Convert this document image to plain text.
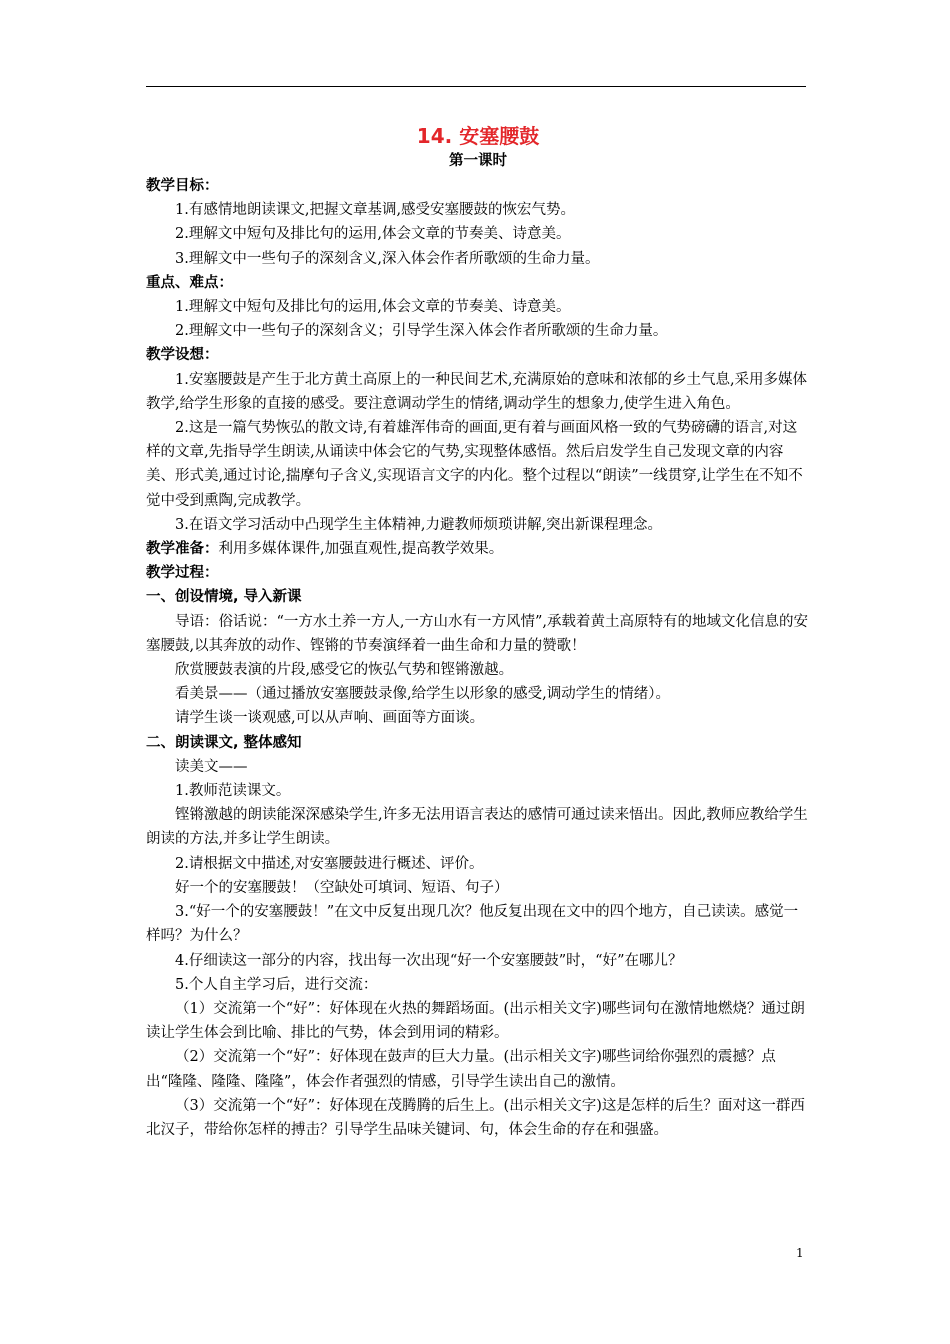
14. 安塞腰鼓
第一课时
教学目标：
1.有感情地朗读课文,把握文章基调,感受安塞腰鼓的恢宏气势。
2.理解文中短句及排比句的运用,体会文章的节奏美、诗意美。
3.理解文中一些句子的深刻含义,深入体会作者所歌颂的生命力量。
重点、难点：
1.理解文中短句及排比句的运用,体会文章的节奏美、诗意美。
2.理解文中一些句子的深刻含义；引导学生深入体会作者所歌颂的生命力量。
教学设想：
1.安塞腰鼓是产生于北方黄土高原上的一种民间艺术,充满原始的意味和浓郁的乡土气息,采用多媒体教学,给学生形象的直接的感受。要注意调动学生的情绪,调动学生的想象力,使学生进入角色。
2.这是一篇气势恢弘的散文诗,有着雄浑伟奇的画面,更有着与画面风格一致的气势磅礴的语言,对这样的文章,先指导学生朗读,从诵读中体会它的气势,实现整体感悟。然后启发学生自己发现文章的内容美、形式美,通过讨论,揣摩句子含义,实现语言文字的内化。整个过程以“朗读”一线贯穿,让学生在不知不觉中受到熏陶,完成教学。
3.在语文学习活动中凸现学生主体精神,力避教师烦琐讲解,突出新课程理念。
教学准备：利用多媒体课件,加强直观性,提高教学效果。
教学过程：
一、创设情境, 导入新课
导语：俗话说：“一方水土养一方人,一方山水有一方风情”,承载着黄土高原特有的地域文化信息的安塞腰鼓,以其奔放的动作、铿锵的节奏演绎着一曲生命和力量的赞歌！
欣赏腰鼓表演的片段,感受它的恢弘气势和铿锵激越。
看美景——（通过播放安塞腰鼓录像,给学生以形象的感受,调动学生的情绪）。
请学生谈一谈观感,可以从声响、画面等方面谈。
二、朗读课文, 整体感知
读美文——
1.教师范读课文。
铿锵激越的朗读能深深感染学生,许多无法用语言表达的感情可通过读来悟出。因此,教师应教给学生朗读的方法,并多让学生朗读。
2.请根据文中描述,对安塞腰鼓进行概述、评价。
好一个的安塞腰鼓！（空缺处可填词、短语、句子）
3.“好一个的安塞腰鼓！”在文中反复出现几次？他反复出现在文中的四个地方，自己读读。感觉一样吗？为什么？
4.仔细读这一部分的内容，找出每一次出现“好一个安塞腰鼓”时，“好”在哪儿？
5.个人自主学习后，进行交流：
（1）交流第一个“好”：好体现在火热的舞蹈场面。(出示相关文字)哪些词句在激情地燃烧？通过朗读让学生体会到比喻、排比的气势，体会到用词的精彩。
（2）交流第一个“好”：好体现在鼓声的巨大力量。(出示相关文字)哪些词给你强烈的震撼？点出“隆隆、隆隆、隆隆”，体会作者强烈的情感，引导学生读出自己的激情。
（3）交流第一个“好”：好体现在茂腾腾的后生上。(出示相关文字)这是怎样的后生？面对这一群西北汉子，带给你怎样的搏击？引导学生品味关键词、句，体会生命的存在和强盛。
1
